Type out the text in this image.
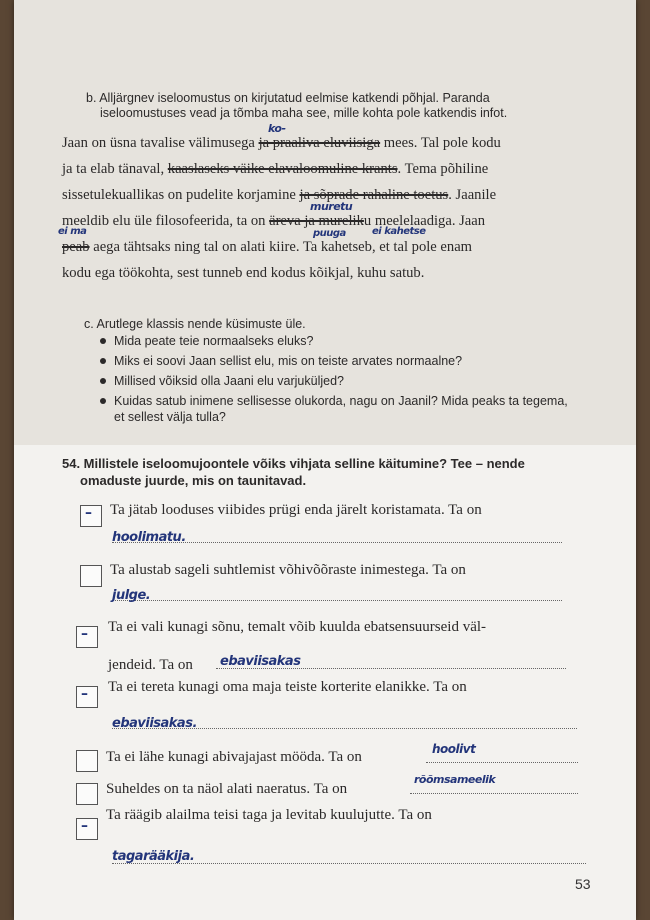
b. Alljärgnev iseloomustus on kirjutatud eelmise katkendi põhjal. Paranda
iseloomustuses vead ja tõmba maha see, mille kohta pole katkendis infot.
Jaan on üsna tavalise välimusega ja praaliva eluviisiga mees. Tal pole kodu
ja ta elab tänaval, kaaslaseks väike elavaloomuline krants. Tema põhiline
sissetulekuallikas on pudelite korjamine ja sõprade rahaline toetus. Jaanile
meeldib elu üle filosofeerida, ta on äreva ja mureliku meelelaadiga. Jaan
peab aega tähtsaks ning tal on alati kiire. Ta kahetseb, et tal pole enam
kodu ega töökohta, sest tunneb end kodus kõikjal, kuhu satub.
ko-
muretu
ei ma	puuga	ei kahetse
c. Arutlege klassis nende küsimuste üle.
Mida peate teie normaalseks eluks?
Miks ei soovi Jaan sellist elu, mis on teiste arvates normaalne?
Millised võiksid olla Jaani elu varjuküljed?
Kuidas satub inimene sellisesse olukorda, nagu on Jaanil? Mida peaks ta tegema, et sellest välja tulla?
54. Millistele iseloomujoontele võiks vihjata selline käitumine? Tee – nende
omaduste juurde, mis on taunitavad.
– Ta jätab looduses viibides prügi enda järelt koristamata. Ta on
hoolimatu.
Ta alustab sageli suhtlemist võhivõõraste inimestega. Ta on
julge.
– Ta ei vali kunagi sõnu, temalt võib kuulda ebatsensuurseid väl-
jendeid. Ta on ebaviisakas
– Ta ei tereta kunagi oma maja teiste korterite elanikke. Ta on
ebaviisakas.
Ta ei lähe kunagi abivajajast mööda. Ta on	hoolivt
Suheldes on ta näol alati naeratus. Ta on
rõõmsameelik
–
Ta räägib alailma teisi taga ja levitab kuulujutte. Ta on
tagarääkija.
53
